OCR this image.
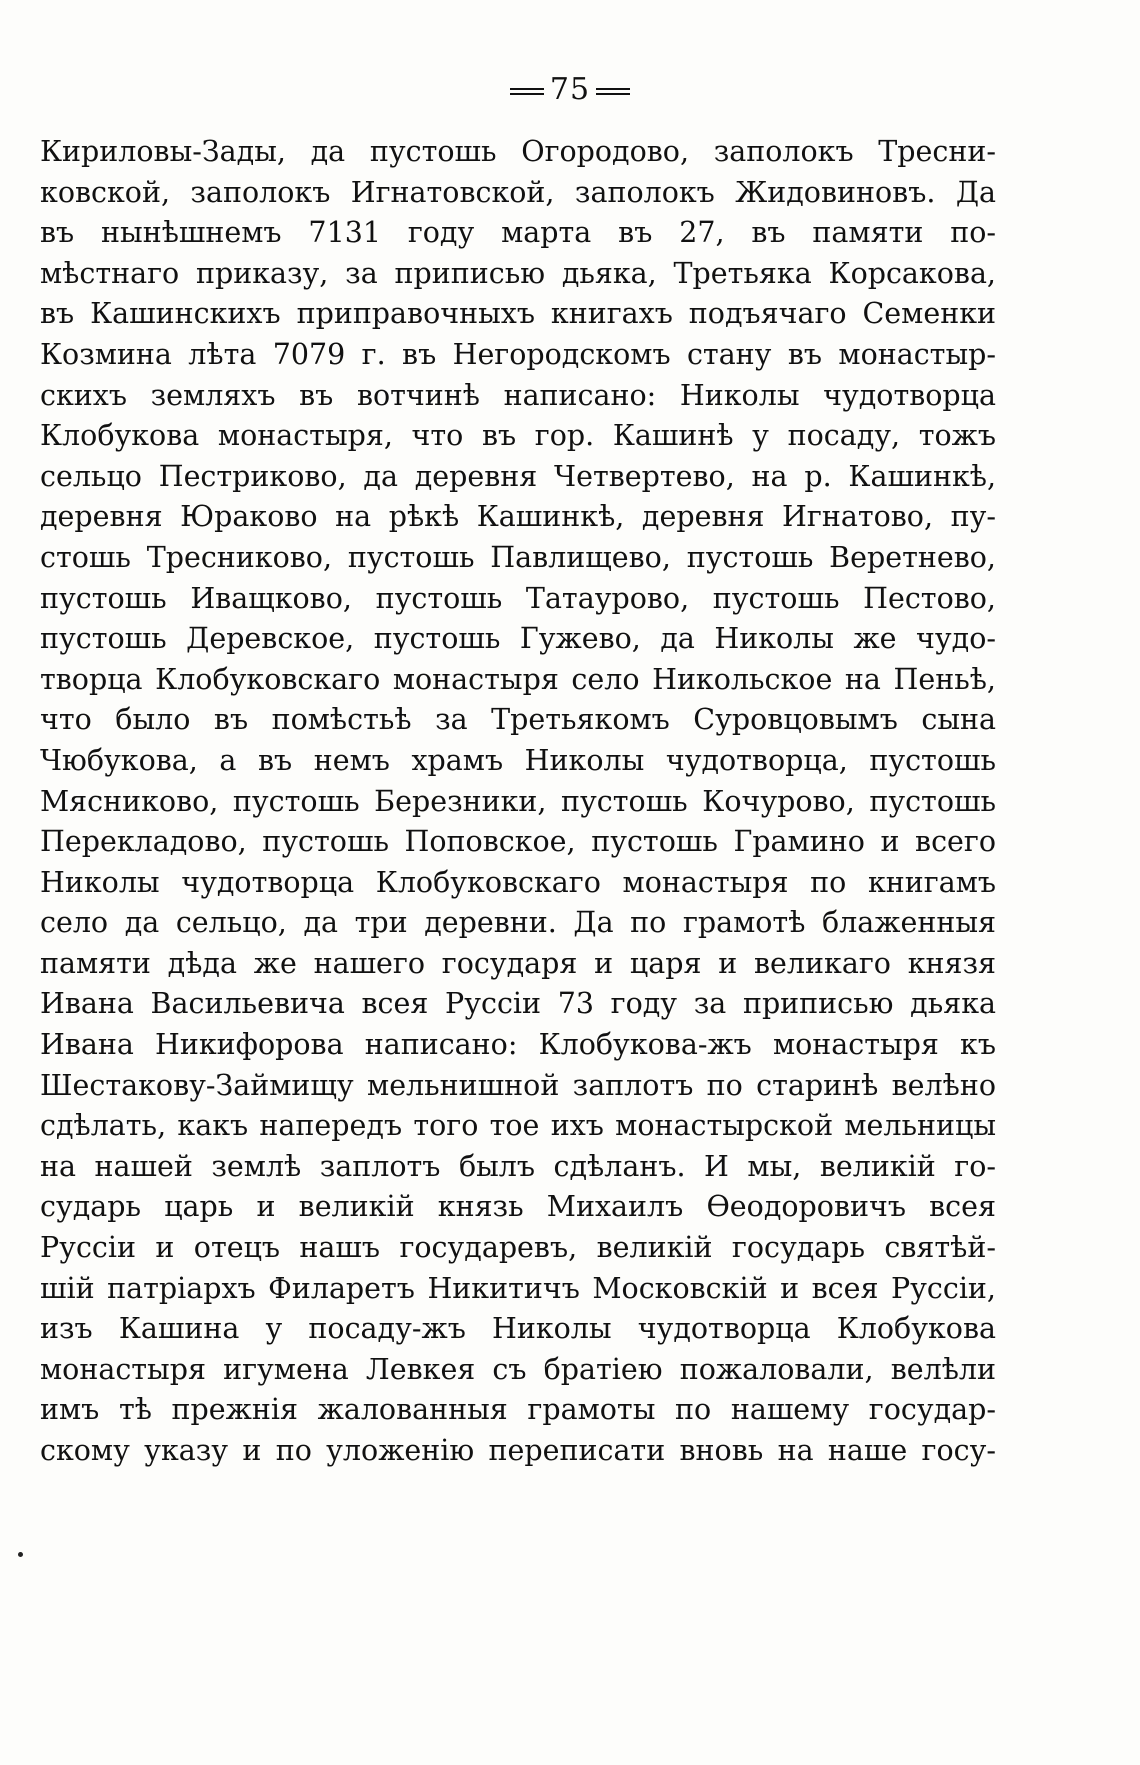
75
Кириловы-Зады, да пустошь Огородово, заполокъ Тресни-
ковской, заполокъ Игнатовской, заполокъ Жидовиновъ. Да
въ нынѣшнемъ 7131 году марта въ 27, въ памяти по-
мѣстнаго приказу, за приписью дьяка, Третьяка Корсакова,
въ Кашинскихъ приправочныхъ книгахъ подъячаго Семенки
Козмина лѣта 7079 г. въ Негородскомъ стану въ монастыр-
скихъ земляхъ въ вотчинѣ написано: Николы чудотворца
Клобукова монастыря, что въ гор. Кашинѣ у посаду, тожъ
сельцо Пестриково, да деревня Четвертево, на р. Кашинкѣ,
деревня Юраково на рѣкѣ Кашинкѣ, деревня Игнатово, пу-
стошь Тресниково, пустошь Павлищево, пустошь Веретнево,
пустошь Иващково, пустошь Татаурово, пустошь Пестово,
пустошь Деревское, пустошь Гужево, да Николы же чудо-
творца Клобуковскаго монастыря село Никольское на Пеньѣ,
что было въ помѣстьѣ за Третьякомъ Суровцовымъ сына
Чюбукова, а въ немъ храмъ Николы чудотворца, пустошь
Мясниково, пустошь Березники, пустошь Кочурово, пустошь
Перекладово, пустошь Поповское, пустошь Грамино и всего
Николы чудотворца Клобуковскаго монастыря по книгамъ
село да сельцо, да три деревни. Да по грамотѣ блаженныя
памяти дѣда же нашего государя и царя и великаго князя
Ивана Васильевича всея Руссіи 73 году за приписью дьяка
Ивана Никифорова написано: Клобукова-жъ монастыря къ
Шестакову-Займищу мельнишной заплотъ по старинѣ велѣно
сдѣлать, какъ напередъ того тое ихъ монастырской мельницы
на нашей землѣ заплотъ былъ сдѣланъ. И мы, великій го-
сударь царь и великій князь Михаилъ Ѳеодоровичъ всея
Руссіи и отецъ нашъ государевъ, великій государь святѣй-
шій патріархъ Филаретъ Никитичъ Московскій и всея Руссіи,
изъ Кашина у посаду-жъ Николы чудотворца Клобукова
монастыря игумена Левкея съ братіею пожаловали, велѣли
имъ тѣ прежнія жалованныя грамоты по нашему государ-
скому указу и по уложенію переписати вновь на наше госу-
